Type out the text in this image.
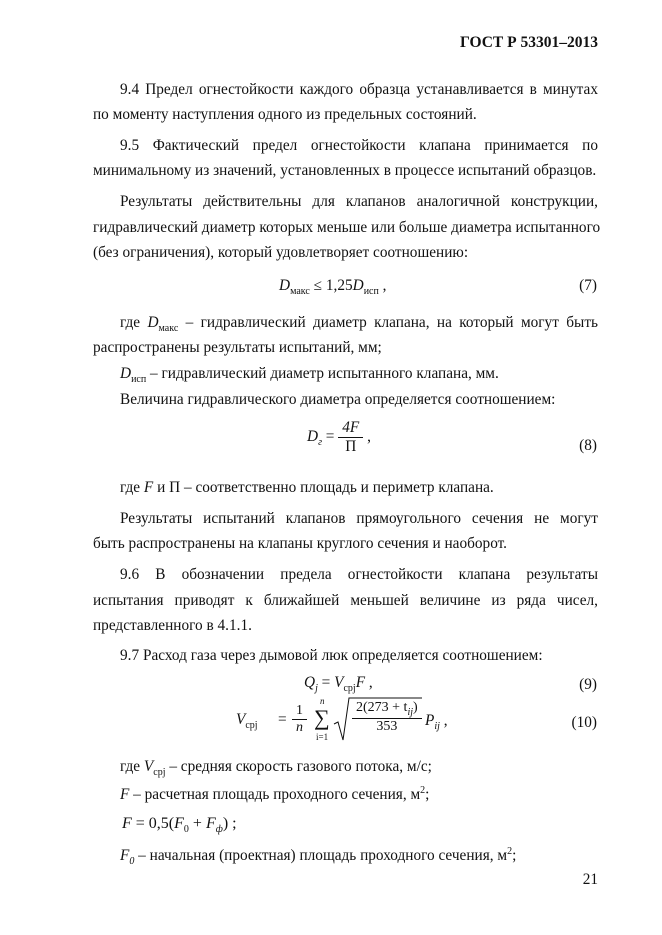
ГОСТ Р 53301–2013
9.4 Предел огнестойкости каждого образца устанавливается в минутах
по моменту наступления одного из предельных состояний.
9.5 Фактический предел огнестойкости клапана принимается по
минимальному из значений, установленных в процессе испытаний образцов.
Результаты действительны для клапанов аналогичной конструкции,
гидравлический диаметр которых меньше или больше диаметра испытанного
(без ограничения), который удовлетворяет соотношению:
$D_{макс} \le 1,25D_{исп}$ ,	(7)
где $D_{макс}$ – гидравлический диаметр клапана, на который могут быть
распространены результаты испытаний, мм;
$D_{исп}$ – гидравлический диаметр испытанного клапана, мм.
Величина гидравлического диаметра определяется соотношением:
$D_г = \frac{4F}{П}$ ,
(8)
где F и П – соответственно площадь и периметр клапана.
Результаты испытаний клапанов прямоугольного сечения не могут
быть распространены на клапаны круглого сечения и наоборот.
9.6 В обозначении предела огнестойкости клапана результаты
испытания приводят к ближайшей меньшей величине из ряда чисел,
представленного в 4.1.1.
9.7 Расход газа через дымовой люк определяется соотношением:
$Q_j = V_{срj}F$ ,	(9)
$V_{срj} = \frac{1}{n}$
n
∑
i=1
$2(273 + t_{ij})$
353	$P_{ij}$ ,	(10)
где $V_{срj}$ – средняя скорость газового потока, м/с;
F – расчетная площадь проходного сечения, $м^2$;
$F = 0,5(F_0 + F_ф)$ ;
$F_0$ – начальная (проектная) площадь проходного сечения, $м^2$;
21
